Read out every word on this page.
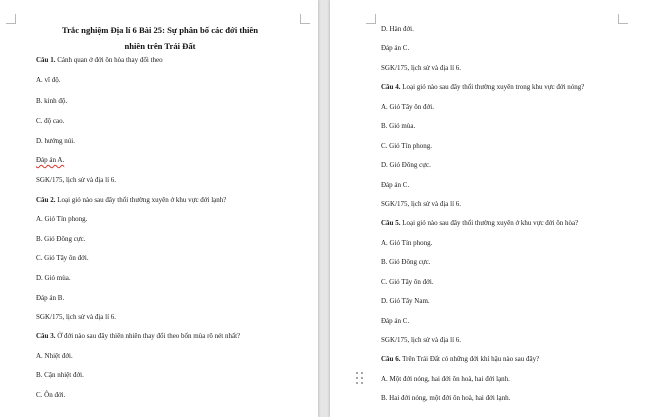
Trắc nghiệm Địa lí 6 Bài 25: Sự phân bố các đới thiên
nhiên trên Trái Đất
Câu 1. Cảnh quan ở đới ôn hòa thay đổi theo
A. vĩ độ.
B. kinh độ.
C. độ cao.
D. hướng núi.
Đáp án A.
SGK/175, lịch sử và địa lí 6.
Câu 2. Loại gió nào sau đây thổi thường xuyên ở khu vực đới lạnh?
A. Gió Tín phong.
B. Gió Đông cực.
C. Gió Tây ôn đới.
D. Gió mùa.
Đáp án B.
SGK/175, lịch sử và địa lí 6.
Câu 3. Ở đới nào sau đây thiên nhiên thay đổi theo bốn mùa rõ nét nhất?
A. Nhiệt đới.
B. Cận nhiệt đới.
C. Ôn đới.
D. Hàn đới.
Đáp án C.
SGK/175, lịch sử và địa lí 6.
Câu 4. Loại gió nào sau đây thổi thường xuyên trong khu vực đới nóng?
A. Gió Tây ôn đới.
B. Gió mùa.
C. Gió Tín phong.
D. Gió Đông cực.
Đáp án C.
SGK/175, lịch sử và địa lí 6.
Câu 5. Loại gió nào sau đây thổi thường xuyên ở khu vực đới ôn hòa?
A. Gió Tín phong.
B. Gió Đông cực.
C. Gió Tây ôn đới.
D. Gió Tây Nam.
Đáp án C.
SGK/175, lịch sử và địa lí 6.
Câu 6. Trên Trái Đất có những đới khí hậu nào sau đây?
A. Một đới nóng, hai đới ôn hoà, hai đới lạnh.
B. Hai đới nóng, một đới ôn hoà, hai đới lạnh.
